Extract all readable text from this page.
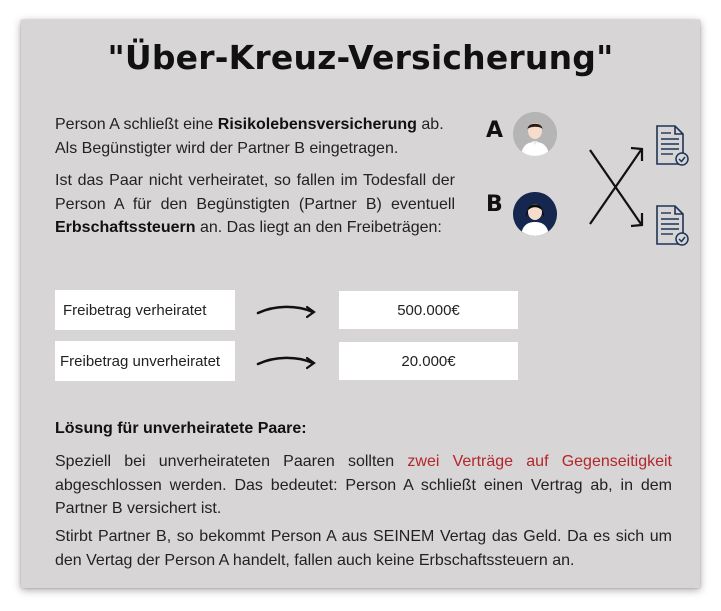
"Über-Kreuz-Versicherung"
Person A schließt eine Risikolebensversicherung ab. Als Begünstigter wird der Partner B eingetragen.
Ist das Paar nicht verheiratet, so fallen im Todesfall der Person A für den Begünstigten (Partner B) eventuell Erbschaftssteuern an. Das liegt an den Freibeträgen:
A
B
Freibetrag verheiratet	500.000€
Freibetrag unverheiratet	20.000€
Lösung für unverheiratete Paare:
Speziell bei unverheirateten Paaren sollten zwei Verträge auf Gegenseitigkeit abgeschlossen werden. Das bedeutet: Person A schließt einen Vertrag ab, in dem Partner B versichert ist.
Stirbt Partner B, so bekommt Person A aus SEINEM Vertag das Geld. Da es sich um den Vertag der Person A handelt, fallen auch keine Erbschaftssteuern an.
